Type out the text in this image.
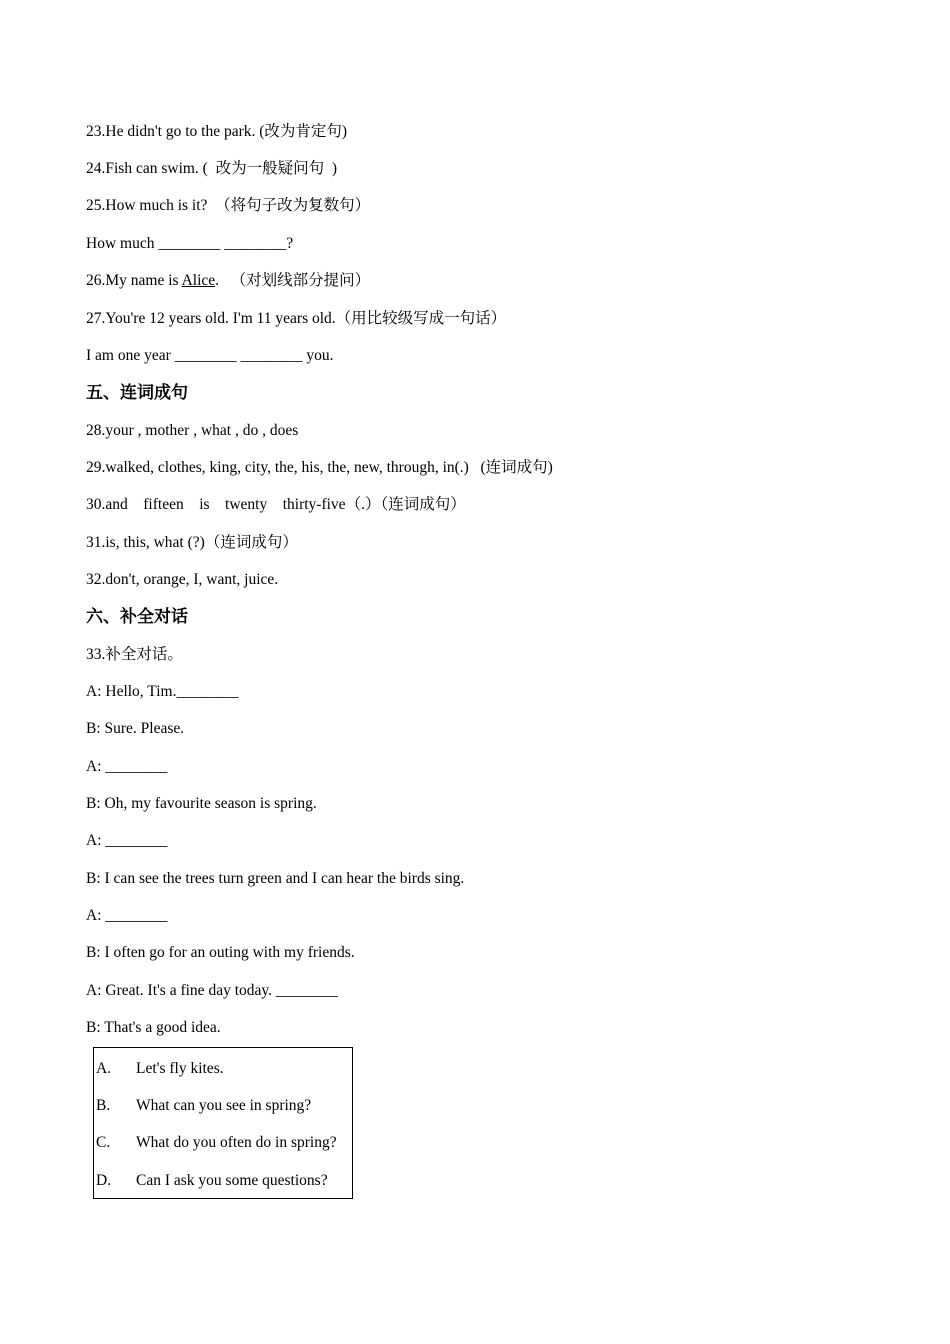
23.He didn't go to the park. (改为肯定句)
24.Fish can swim. (  改为一般疑问句  )
25.How much is it?  （将句子改为复数句）
How much ________ ________?
26.My name is Alice.   （对划线部分提问）
27.You're 12 years old. I'm 11 years old.（用比较级写成一句话）
I am one year ________ ________ you.
五、连词成句
28.your , mother , what , do , does
29.walked, clothes, king, city, the, his, the, new, through, in(.)   (连词成句)
30.and    fifteen    is    twenty    thirty-five（.）（连词成句）
31.is, this, what (?)（连词成句）
32.don't, orange, I, want, juice.
六、补全对话
33.补全对话。
A: Hello, Tim.________
B: Sure. Please.
A: ________
B: Oh, my favourite season is spring.
A: ________
B: I can see the trees turn green and I can hear the birds sing.
A: ________
B: I often go for an outing with my friends.
A: Great. It's a fine day today. ________
B: That's a good idea.
A. Let's fly kites.
B. What can you see in spring?
C. What do you often do in spring?
D. Can I ask you some questions?
